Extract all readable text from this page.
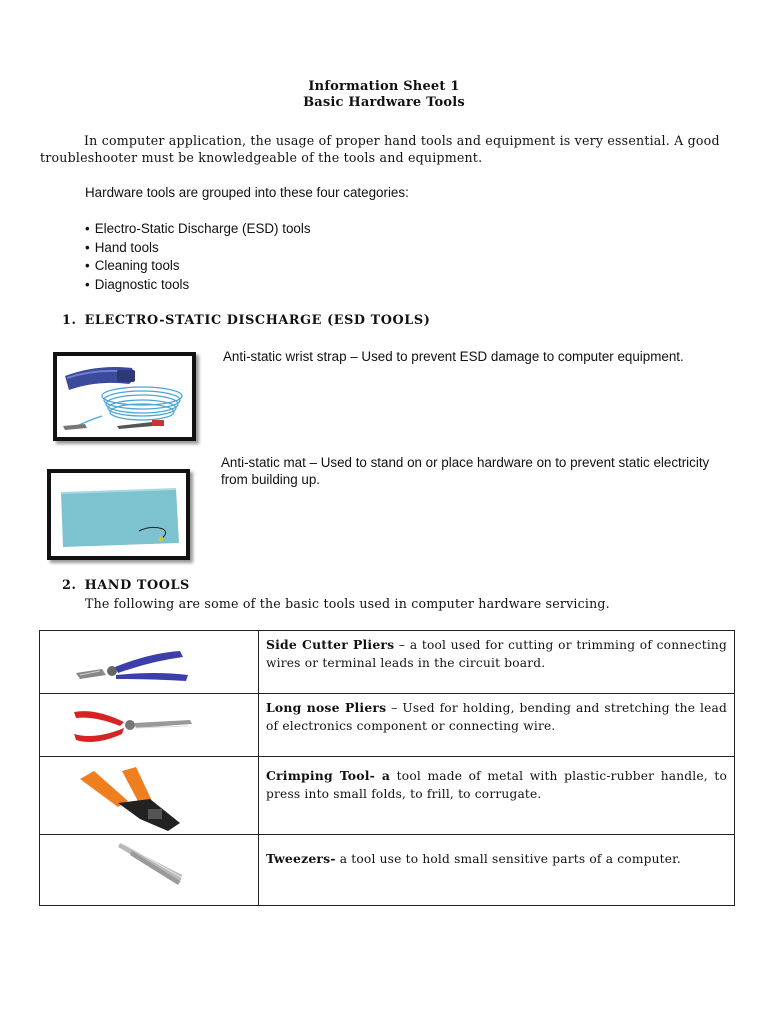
Information Sheet 1
Basic Hardware Tools
In computer application, the usage of proper hand tools and equipment is very essential. A good troubleshooter must be knowledgeable of the tools and equipment.
Hardware tools are grouped into these four categories:
• Electro-Static Discharge (ESD) tools
• Hand tools
• Cleaning tools
• Diagnostic tools
1. ELECTRO-STATIC DISCHARGE (ESD TOOLS)
Anti-static wrist strap – Used to prevent ESD damage to computer equipment.
Anti-static mat – Used to stand on or place hardware on to prevent static electricity from building up.
2. HAND TOOLS
The following are some of the basic tools used in computer hardware servicing.
	Side Cutter Pliers – a tool used for cutting or trimming of connecting wires or terminal leads in the circuit board.

	Long nose Pliers – Used for holding, bending and stretching the lead of electronics component or connecting wire.

	Crimping Tool- a tool made of metal with plastic-rubber handle, to press into small folds, to frill, to corrugate.

	Tweezers- a tool use to hold small sensitive parts of a computer.
